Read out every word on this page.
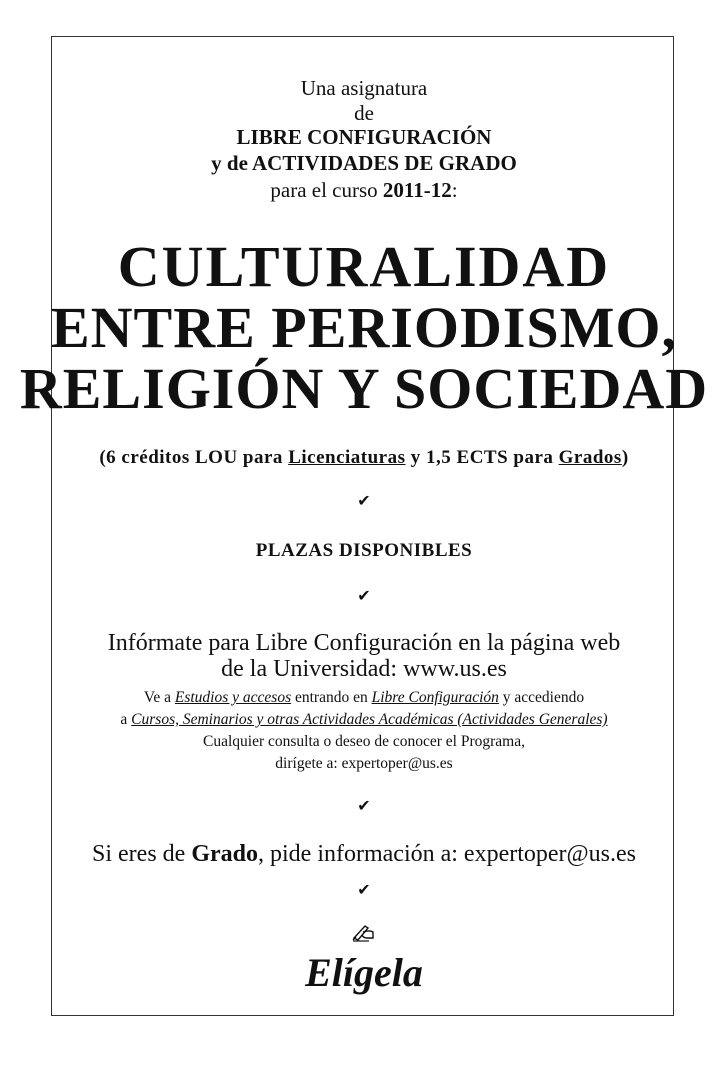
Una asignatura
de
LIBRE CONFIGURACIÓN
y de ACTIVIDADES DE GRADO
para el curso 2011-12:
CULTURALIDAD
ENTRE PERIODISMO,
RELIGIÓN Y SOCIEDAD
(6 créditos LOU para Licenciaturas y 1,5 ECTS para Grados)
✔
PLAZAS DISPONIBLES
✔
Infórmate para Libre Configuración en la página web
de la Universidad: www.us.es
Ve a Estudios y accesos entrando en Libre Configuración y accediendo
a Cursos, Seminarios y otras Actividades Académicas (Actividades Generales)
Cualquier consulta o deseo de conocer el Programa,
dirígete a: expertoper@us.es
✔
Si eres de Grado, pide información a: expertoper@us.es
✔
Elígela
